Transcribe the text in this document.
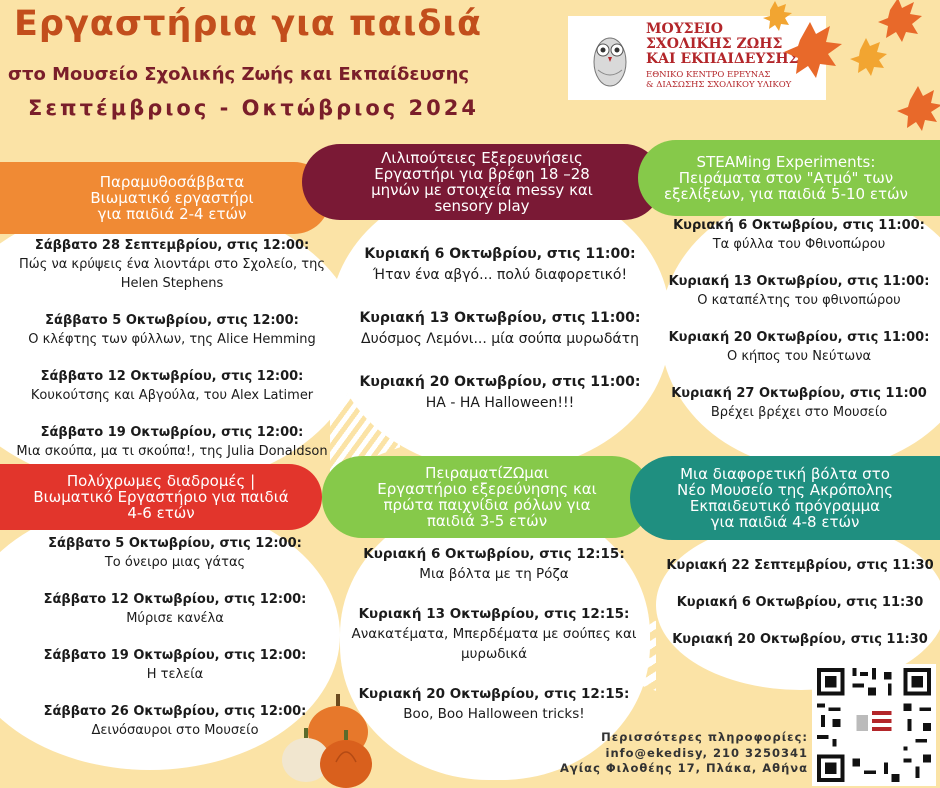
Εργαστήρια για παιδιά
στο Μουσείο Σχολικής Ζωής και Εκπαίδευσης
Σεπτέμβριος - Οκτώβριος 2024
ΜΟΥΣΕΙΟ
ΣΧΟΛΙΚΗΣ ΖΩΗΣ
ΚΑΙ ΕΚΠΑΙΔΕΥΣΗΣ
ΕΘΝΙΚΟ ΚΕΝΤΡΟ ΕΡΕΥΝΑΣ
& ΔΙΑΣΩΣΗΣ ΣΧΟΛΙΚΟΥ ΥΛΙΚΟΥ
Παραμυθοσάββατα
Βιωματικό εργαστήρι
για παιδιά 2-4 ετών
Λιλιπούτειες Εξερευνήσεις
Εργαστήρι για βρέφη 18 –28
μηνών με στοιχεία messy και
sensory play
STEAMing Experiments:
Πειράματα στον "Ατμό" των
εξελίξεων, για παιδιά 5-10 ετών
Πολύχρωμες διαδρομές |
Βιωματικό Εργαστήριο για παιδιά
4-6 ετών
ΠειραματίΖΩμαι
Εργαστήριο εξερεύνησης και
πρώτα παιχνίδια ρόλων για
παιδιά 3-5 ετών
Μια διαφορετική βόλτα στο
Νέο Μουσείο της Ακρόπολης
Εκπαιδευτικό πρόγραμμα
για παιδιά 4-8 ετών
Σάββατο 28 Σεπτεμβρίου, στις 12:00:
Πώς να κρύψεις ένα λιοντάρι στο Σχολείο, της Helen Stephens
Σάββατο 5 Οκτωβρίου, στις 12:00:
Ο κλέφτης των φύλλων, της Alice Hemming
Σάββατο 12 Οκτωβρίου, στις 12:00: Κουκούτσης και Αβγούλα, του Alex Latimer
Σάββατο 19 Οκτωβρίου, στις 12:00:
Μια σκούπα, μα τι σκούπα!, της Julia Donaldson
Κυριακή 6 Οκτωβρίου, στις 11:00:
Ήταν ένα αβγό... πολύ διαφορετικό!
Κυριακή 13 Οκτωβρίου, στις 11:00:
Δυόσμος Λεμόνι... μία σούπα μυρωδάτη
Κυριακή 20 Οκτωβρίου, στις 11:00:
HA - HA Halloween!!!
Κυριακή 6 Οκτωβρίου, στις 11:00:
Τα φύλλα του Φθινοπώρου
Κυριακή 13 Οκτωβρίου, στις 11:00:
Ο καταπέλτης του φθινοπώρου
Κυριακή 20 Οκτωβρίου, στις 11:00:
Ο κήπος του Νεύτωνα
Κυριακή 27 Οκτωβρίου, στις 11:00
Βρέχει βρέχει στο Μουσείο
Σάββατο 5 Οκτωβρίου, στις 12:00:
Το όνειρο μιας γάτας
Σάββατο 12 Οκτωβρίου, στις 12:00:
Μύρισε κανέλα
Σάββατο 19 Οκτωβρίου, στις 12:00:
Η τελεία
Σάββατο 26 Οκτωβρίου, στις 12:00:
Δεινόσαυροι στο Μουσείο
Κυριακή 6 Οκτωβρίου, στις 12:15:
Μια βόλτα με τη Ρόζα
Κυριακή 13 Οκτωβρίου, στις 12:15:
Ανακατέματα, Μπερδέματα με σούπες και μυρωδικά
Κυριακή 20 Οκτωβρίου, στις 12:15:
Boo, Boo Halloween tricks!
Κυριακή 22 Σεπτεμβρίου, στις 11:30
Κυριακή 6 Οκτωβρίου, στις 11:30
Κυριακή 20 Οκτωβρίου, στις 11:30
Περισσότερες πληροφορίες:
info@ekedisy, 210 3250341
Αγίας Φιλοθέης 17, Πλάκα, Αθήνα
